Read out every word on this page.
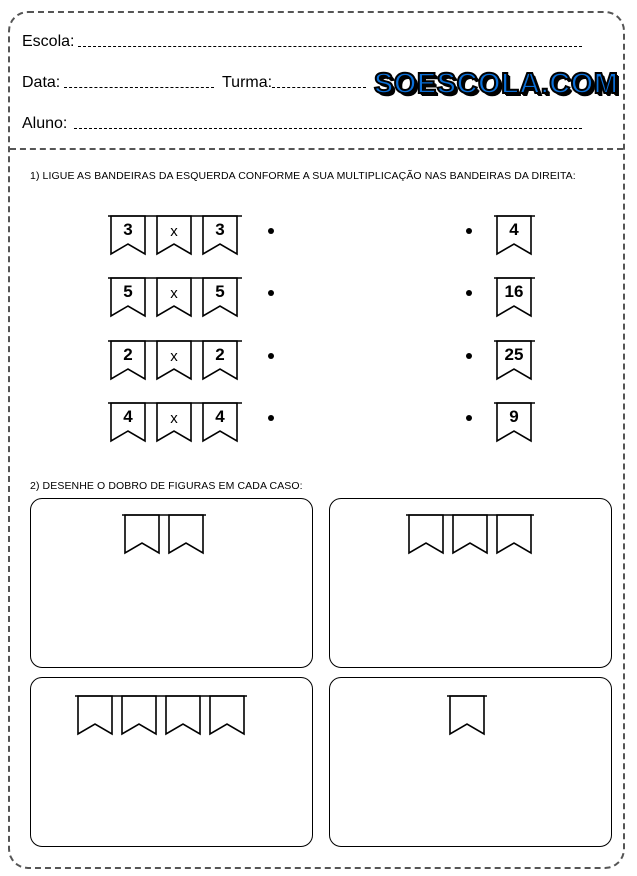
Escola:
Data:	Turma:	SOESCOLA.COM
Aluno:
1) LIGUE AS BANDEIRAS DA ESQUERDA CONFORME A SUA MULTIPLICAÇÃO NAS BANDEIRAS DA DIREITA:
3	x	3	4
5	x	5	16
2	x	2	25
4	x	4	9
2) DESENHE O DOBRO DE FIGURAS EM CADA CASO:
